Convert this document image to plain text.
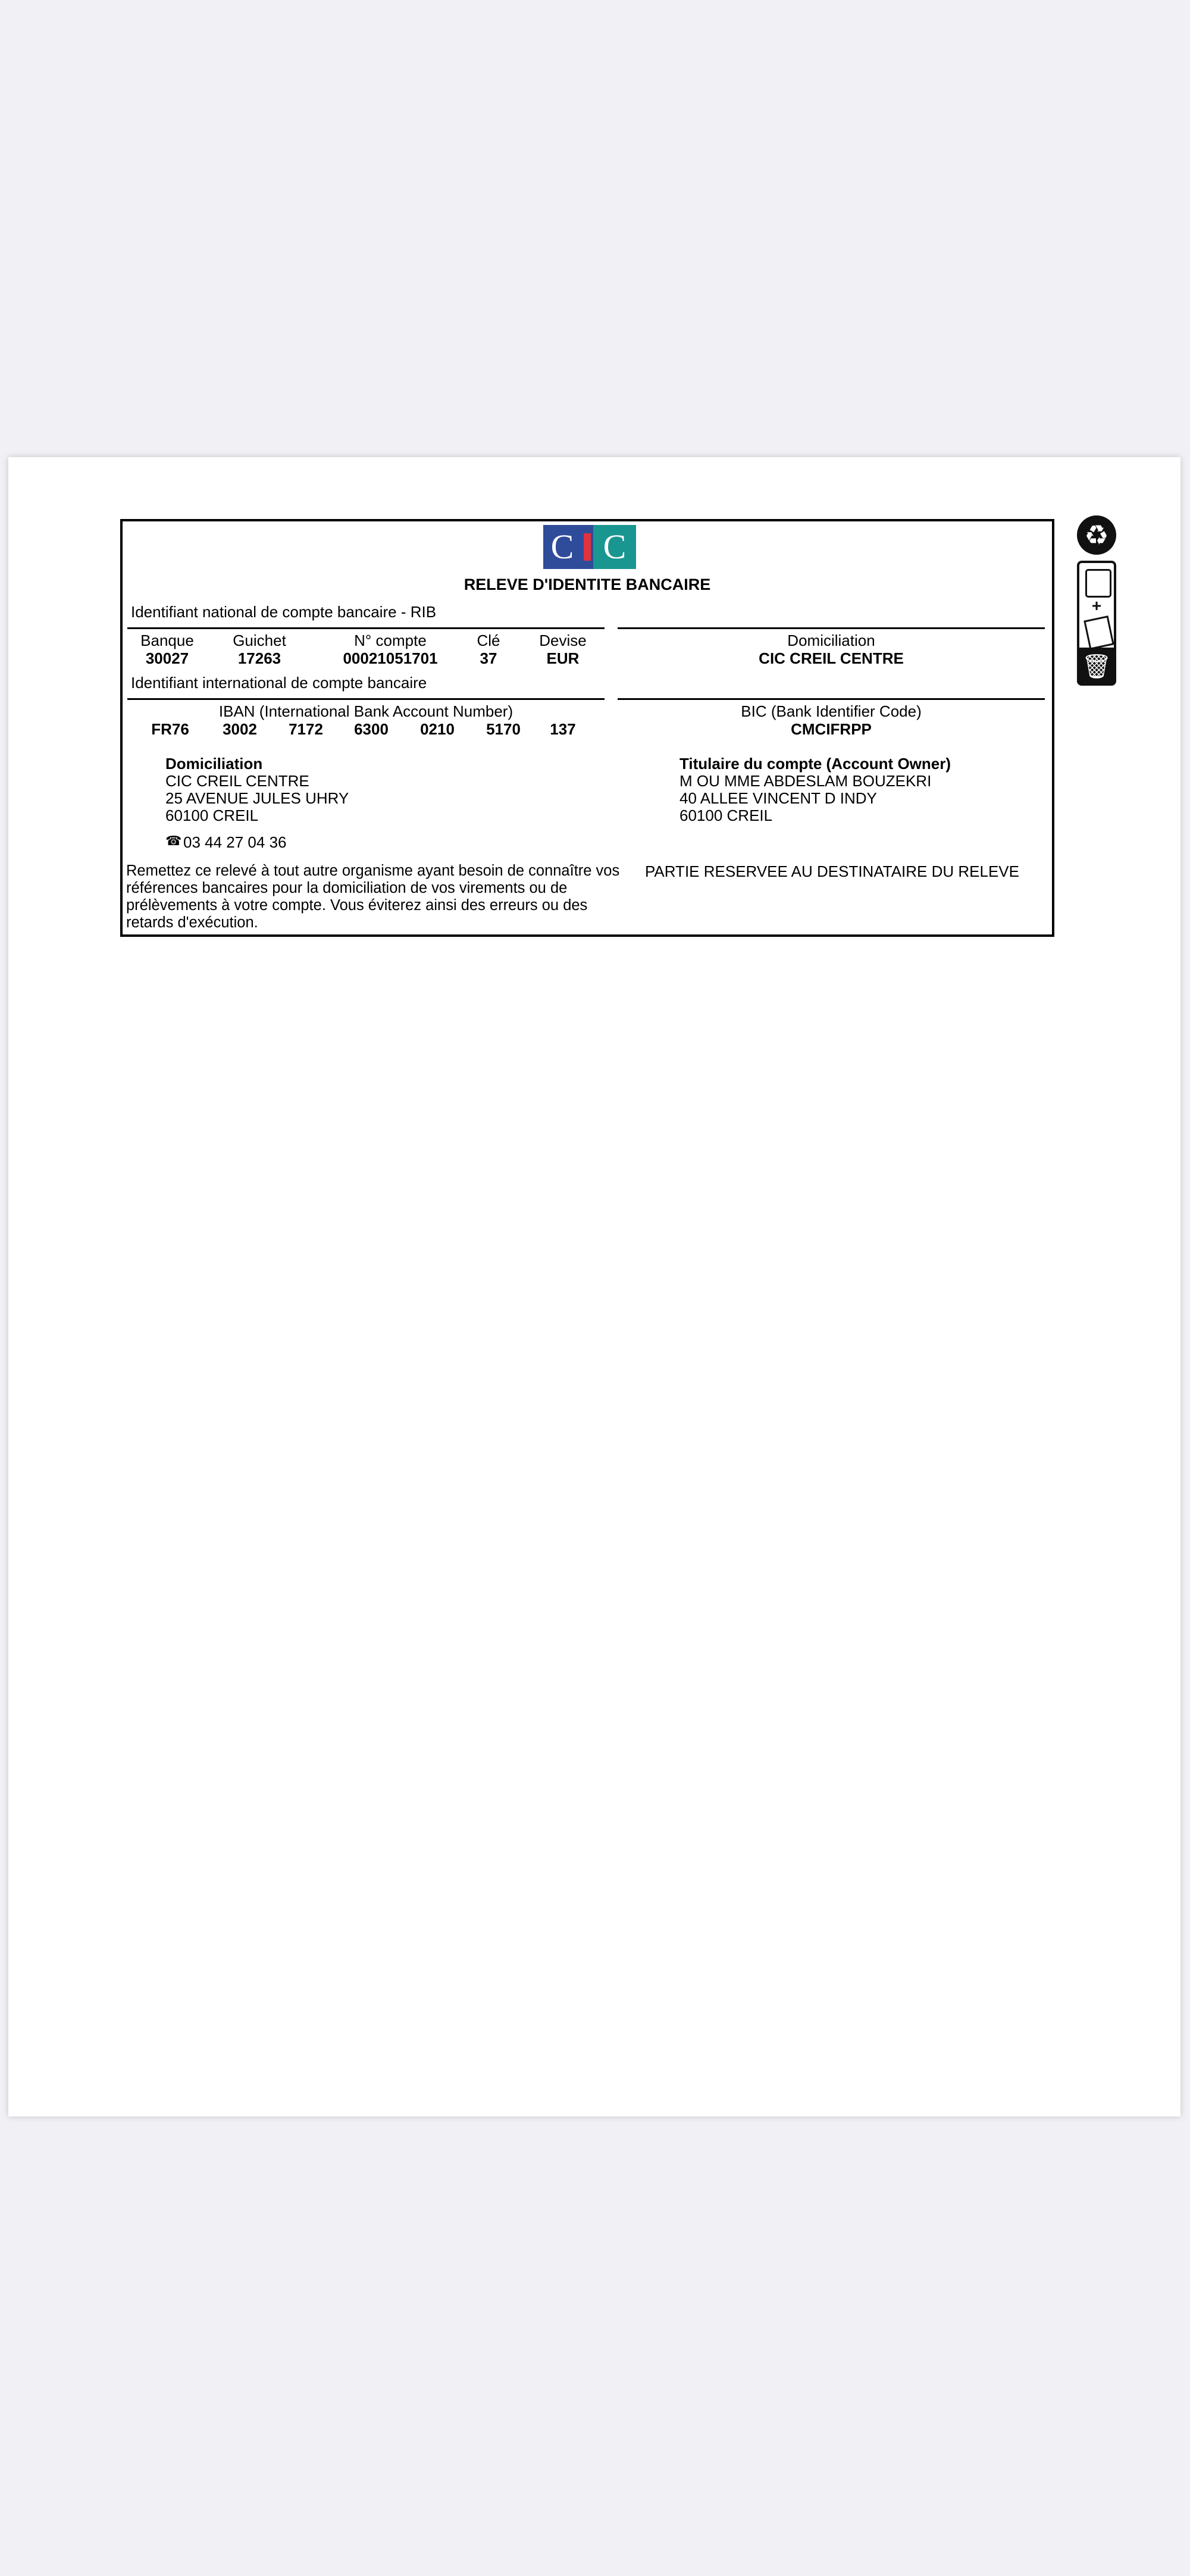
C C
RELEVE D'IDENTITE BANCAIRE
Identifiant national de compte bancaire - RIB
Banque	Guichet	N° compte	Clé	Devise
30027	17263	00021051701	37	EUR
Domiciliation
CIC CREIL CENTRE
Identifiant international de compte bancaire
IBAN (International Bank Account Number)
FR76	3002	7172	6300	0210	5170	137
BIC (Bank Identifier Code)
CMCIFRPP
Domiciliation
CIC CREIL CENTRE
25 AVENUE JULES UHRY
60100 CREIL
☎ 03 44 27 04 36
Titulaire du compte (Account Owner)
M OU MME ABDESLAM BOUZEKRI
40 ALLEE VINCENT D INDY
60100 CREIL
Remettez ce relevé à tout autre organisme ayant besoin de connaître vos références bancaires pour la domiciliation de vos virements ou de prélèvements à votre compte. Vous éviterez ainsi des erreurs ou des retards d'exécution.
PARTIE RESERVEE AU DESTINATAIRE DU RELEVE
♻
+
🗑
